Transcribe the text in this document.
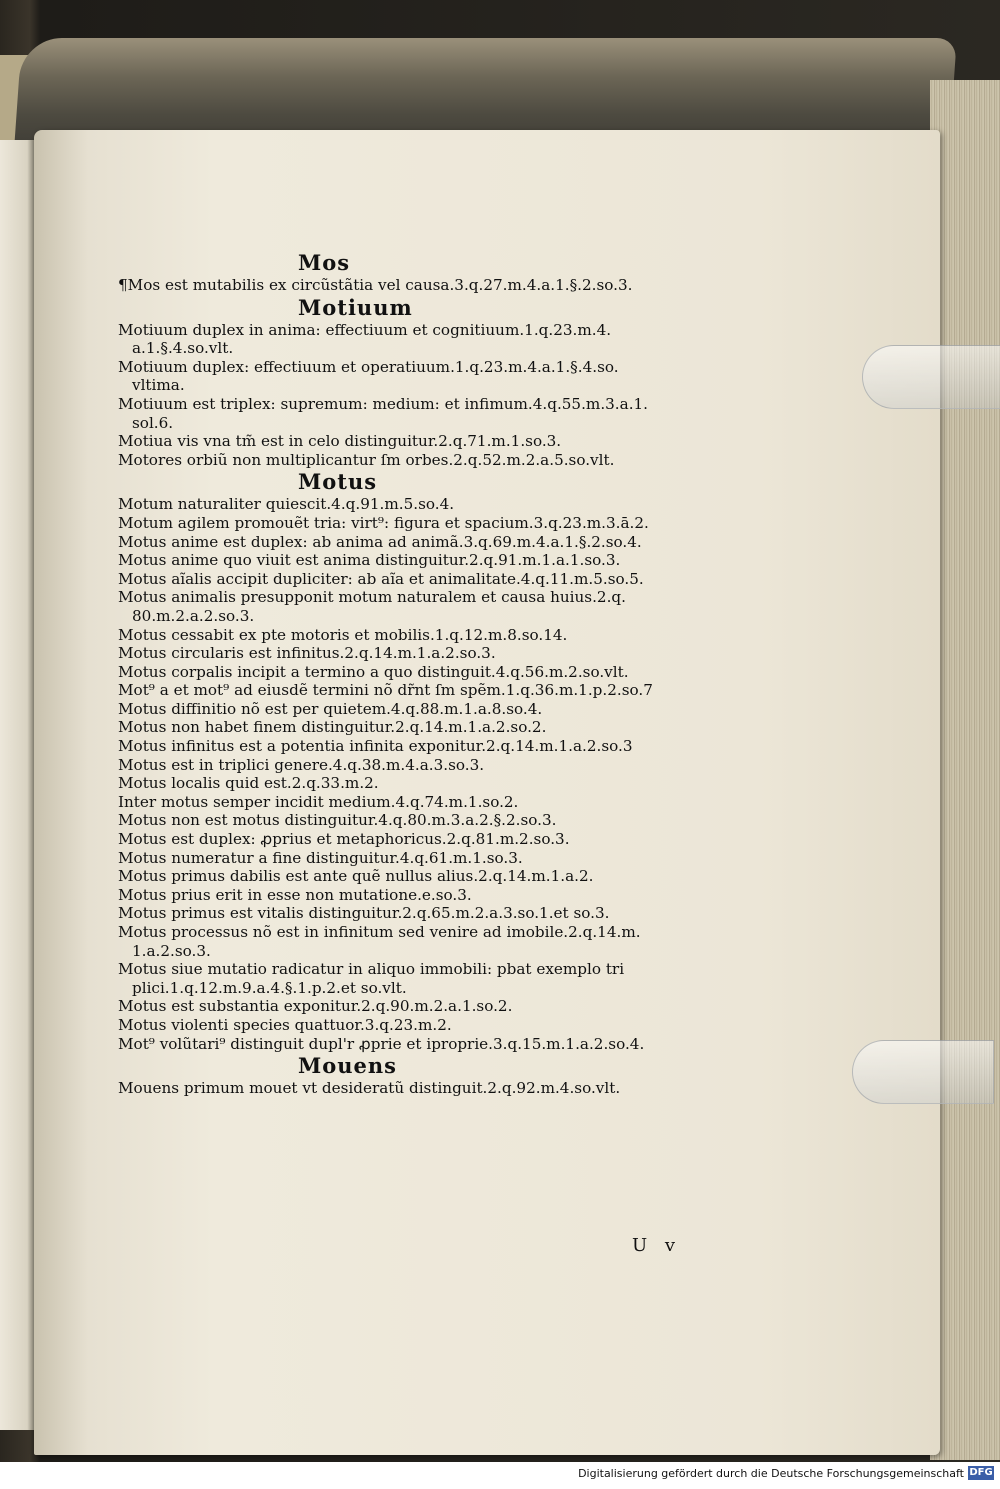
Mos
¶Mos est mutabilis ex circũstãtia vel causa.3.q.27.m.4.a.1.§.2.so.3.
Motiuum
Motiuum duplex in anima: effectiuum et cognitiuum.1.q.23.m.4.
a.1.§.4.so.vlt.
Motiuum duplex: effectiuum et operatiuum.1.q.23.m.4.a.1.§.4.so.
vltima.
Motiuum est triplex: supremum: medium: et infimum.4.q.55.m.3.a.1.
sol.6.
Motiua vis vna tm̃ est in celo distinguitur.2.q.71.m.1.so.3.
Motores orbiũ non multiplicantur ſm orbes.2.q.52.m.2.a.5.so.vlt.
Motus
Motum naturaliter quiescit.4.q.91.m.5.so.4.
Motum agilem promouẽt tria: virt⁹: figura et spacium.3.q.23.m.3.ā.2.
Motus anime est duplex: ab anima ad animã.3.q.69.m.4.a.1.§.2.so.4.
Motus anime quo viuit est anima distinguitur.2.q.91.m.1.a.1.so.3.
Motus aĩalis accipit dupliciter: ab aĩa et animalitate.4.q.11.m.5.so.5.
Motus animalis presupponit motum naturalem et causa huius.2.q.
80.m.2.a.2.so.3.
Motus cessabit ex pte motoris et mobilis.1.q.12.m.8.so.14.
Motus circularis est infinitus.2.q.14.m.1.a.2.so.3.
Motus corpalis incipit a termino a quo distinguit.4.q.56.m.2.so.vlt.
Mot⁹ a et mot⁹ ad eiusdẽ termini nõ dr̃nt ſm spẽm.1.q.36.m.1.p.2.so.7
Motus diffinitio nõ est per quietem.4.q.88.m.1.a.8.so.4.
Motus non habet finem distinguitur.2.q.14.m.1.a.2.so.2.
Motus infinitus est a potentia infinita exponitur.2.q.14.m.1.a.2.so.3
Motus est in triplici genere.4.q.38.m.4.a.3.so.3.
Motus localis quid est.2.q.33.m.2.
Inter motus semper incidit medium.4.q.74.m.1.so.2.
Motus non est motus distinguitur.4.q.80.m.3.a.2.§.2.so.3.
Motus est duplex: ꝓprius et metaphoricus.2.q.81.m.2.so.3.
Motus numeratur a fine distinguitur.4.q.61.m.1.so.3.
Motus primus dabilis est ante quẽ nullus alius.2.q.14.m.1.a.2.
Motus prius erit in esse non mutatione.e.so.3.
Motus primus est vitalis distinguitur.2.q.65.m.2.a.3.so.1.et so.3.
Motus processus nõ est in infinitum sed venire ad imobile.2.q.14.m.
1.a.2.so.3.
Motus siue mutatio radicatur in aliquo immobili: pbat exemplo tri
plici.1.q.12.m.9.a.4.§.1.p.2.et so.vlt.
Motus est substantia exponitur.2.q.90.m.2.a.1.so.2.
Motus violenti species quattuor.3.q.23.m.2.
Mot⁹ volũtari⁹ distinguit dupl'r ꝓprie et iproprie.3.q.15.m.1.a.2.so.4.
Mouens
Mouens primum mouet vt desideratũ distinguit.2.q.92.m.4.so.vlt.
U v
Digitalisierung gefördert durch die Deutsche Forschungsgemeinschaft DFG
